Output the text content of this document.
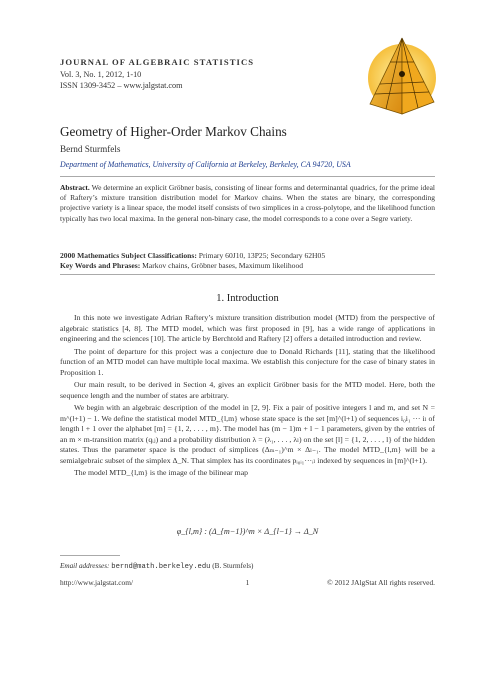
JOURNAL OF ALGEBRAIC STATISTICS
Vol. 3, No. 1, 2012, 1-10
ISSN 1309-3452 – www.jalgstat.com
Geometry of Higher-Order Markov Chains
Bernd Sturmfels
Department of Mathematics, University of California at Berkeley, Berkeley, CA 94720, USA
Abstract. We determine an explicit Gröbner basis, consisting of linear forms and determinantal quadrics, for the prime ideal of Raftery’s mixture transition distribution model for Markov chains. When the states are binary, the corresponding projective variety is a linear space, the model itself consists of two simplices in a cross-polytope, and the likelihood function typically has two local maxima. In the general non-binary case, the model corresponds to a cone over a Segre variety.
2000 Mathematics Subject Classifications: Primary 60J10, 13P25; Secondary 62H05
Key Words and Phrases: Markov chains, Gröbner bases, Maximum likelihood
1. Introduction

In this note we investigate Adrian Raftery’s mixture transition distribution model (MTD) from the perspective of algebraic statistics [4, 8]. The MTD model, which was first proposed in [9], has a wide range of applications in engineering and the sciences [10]. The article by Berchtold and Raftery [2] offers a detailed introduction and review.

The point of departure for this project was a conjecture due to Donald Richards [11], stating that the likelihood function of an MTD model can have multiple local maxima. We establish this conjecture for the case of binary states in Proposition 1.

Our main result, to be derived in Section 4, gives an explicit Gröbner basis for the MTD model. Here, both the sequence length and the number of states are arbitrary.

We begin with an algebraic description of the model in [2, 9]. Fix a pair of positive integers l and m, and set N = m^(l+1) − 1. We define the statistical model MTD_{l,m} whose state space is the set [m]^(l+1) of sequences i₀i₁ ··· iₗ of length l + 1 over the alphabet [m] = {1, 2, . . . , m}. The model has (m − 1)m + l − 1 parameters, given by the entries of an m × m-transition matrix (qᵢⱼ) and a probability distribution λ = (λ₁, . . . , λₗ) on the set [l] = {1, 2, . . . , l} of the hidden states. Thus the parameter space is the product of simplices (Δₘ₋₁)^m × Δₗ₋₁. The model MTD_{l,m} will be a semialgebraic subset of the simplex Δ_N. That simplex has its coordinates pᵢ₀ᵢ₁···ᵢₗ indexed by sequences in [m]^(l+1).

The model MTD_{l,m} is the image of the bilinear map

φ_{l,m} : (Δ_{m−1})^m × Δ_{l−1} → Δ_N
Email addresses: bernd@math.berkeley.edu (B. Sturmfels)
http://www.jalgstat.com/	1	© 2012 JAlgStat All rights reserved.
